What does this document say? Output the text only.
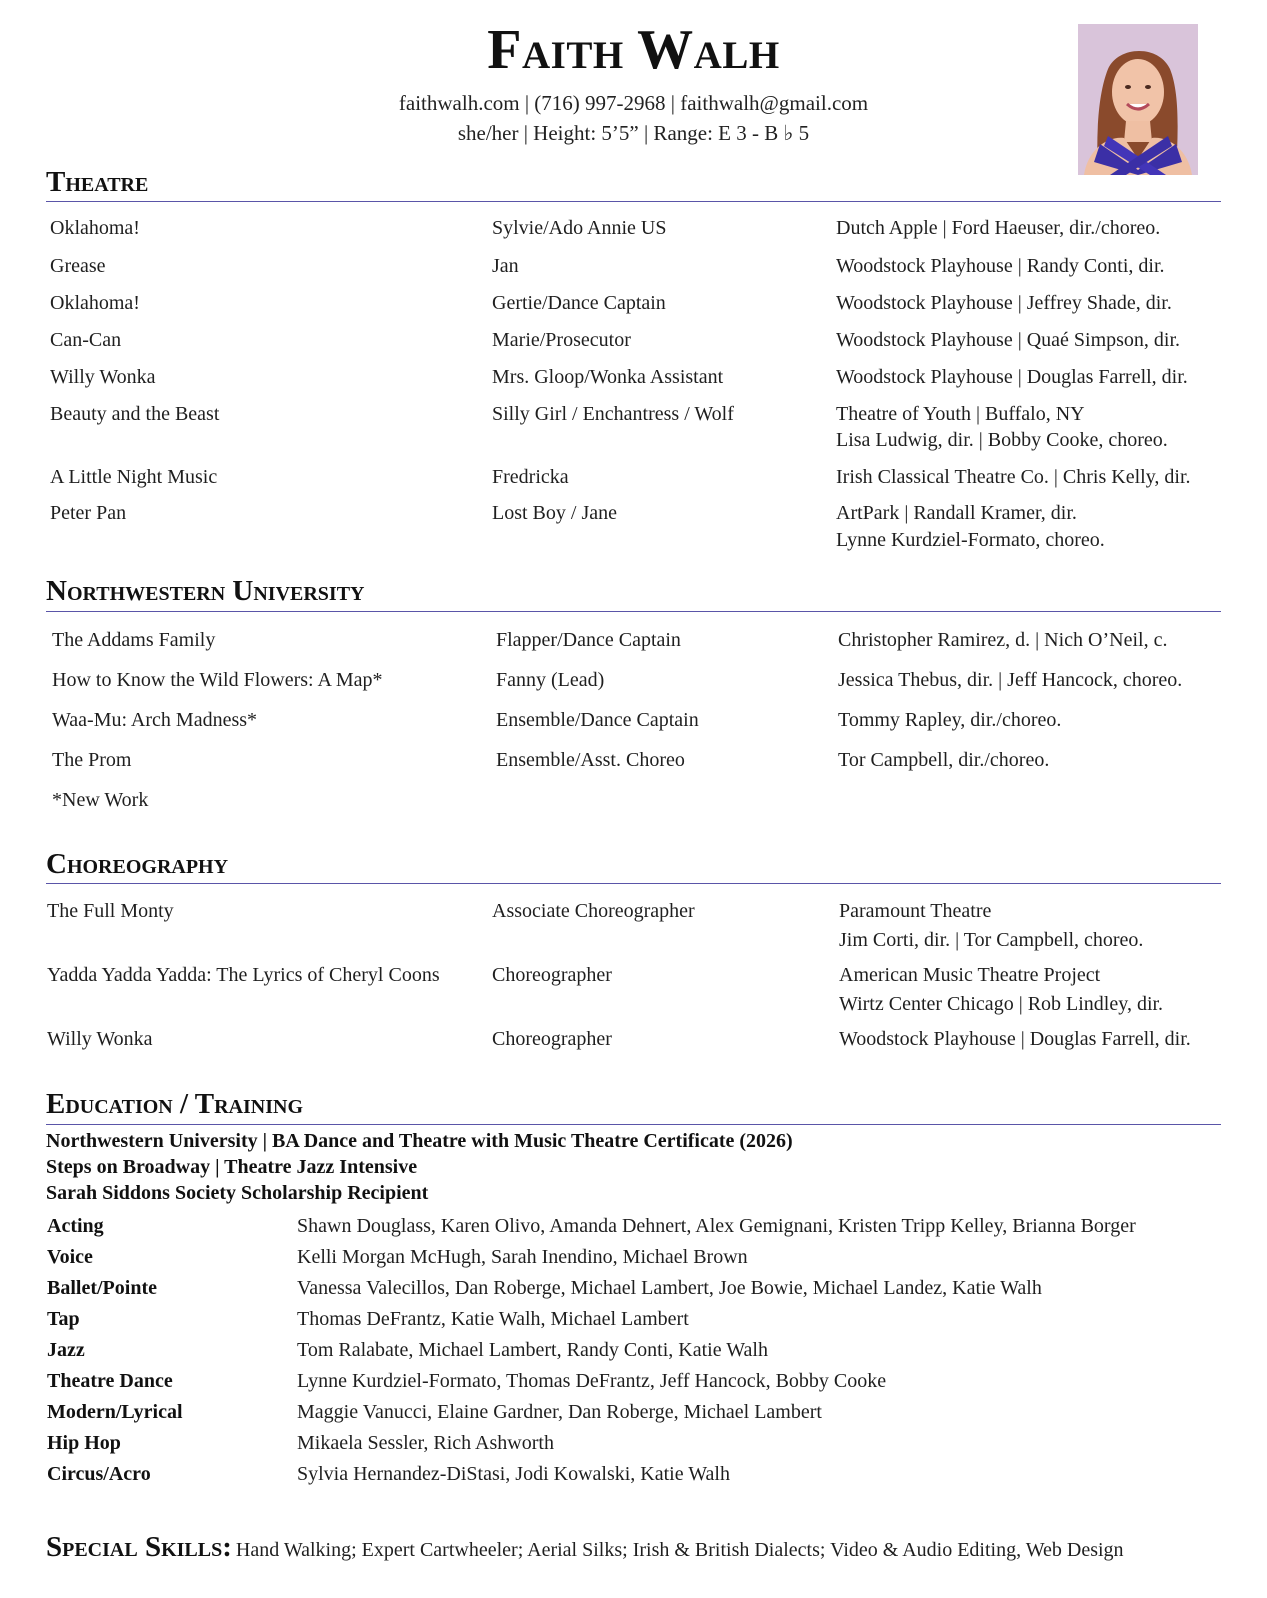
Faith Walh
faithwalh.com | (716) 997-2968 | faithwalh@gmail.com
she/her | Height: 5’5” | Range: E 3 - B ♭ 5
Theatre
Oklahoma!	Sylvie/Ado Annie US	Dutch Apple | Ford Haeuser, dir./choreo.
Grease	Jan	Woodstock Playhouse | Randy Conti, dir.
Oklahoma!	Gertie/Dance Captain	Woodstock Playhouse | Jeffrey Shade, dir.
Can-Can	Marie/Prosecutor	Woodstock Playhouse | Quaé Simpson, dir.
Willy Wonka	Mrs. Gloop/Wonka Assistant	Woodstock Playhouse | Douglas Farrell, dir.
Beauty and the Beast	Silly Girl / Enchantress / Wolf	Theatre of Youth | Buffalo, NY
Lisa Ludwig, dir. | Bobby Cooke, choreo.
A Little Night Music	Fredricka	Irish Classical Theatre Co. | Chris Kelly, dir.
Peter Pan	Lost Boy / Jane	ArtPark | Randall Kramer, dir.
Lynne Kurdziel-Formato, choreo.
Northwestern University
The Addams Family	Flapper/Dance Captain	Christopher Ramirez, d. | Nich O’Neil, c.
How to Know the Wild Flowers: A Map*	Fanny (Lead)	Jessica Thebus, dir. | Jeff Hancock, choreo.
Waa-Mu: Arch Madness*	Ensemble/Dance Captain	Tommy Rapley, dir./choreo.
The Prom	Ensemble/Asst. Choreo	Tor Campbell, dir./choreo.
*New Work
Choreography
The Full Monty	Associate Choreographer	Paramount Theatre
Jim Corti, dir. | Tor Campbell, choreo.
Yadda Yadda Yadda: The Lyrics of Cheryl Coons	Choreographer	American Music Theatre Project
Wirtz Center Chicago | Rob Lindley, dir.
Willy Wonka	Choreographer	Woodstock Playhouse | Douglas Farrell, dir.
Education / Training
Northwestern University | BA Dance and Theatre with Music Theatre Certificate (2026)
Steps on Broadway | Theatre Jazz Intensive
Sarah Siddons Society Scholarship Recipient
Acting	Shawn Douglass, Karen Olivo, Amanda Dehnert, Alex Gemignani, Kristen Tripp Kelley, Brianna Borger
Voice	Kelli Morgan McHugh, Sarah Inendino, Michael Brown
Ballet/Pointe	Vanessa Valecillos, Dan Roberge, Michael Lambert, Joe Bowie, Michael Landez, Katie Walh
Tap	Thomas DeFrantz, Katie Walh, Michael Lambert
Jazz	Tom Ralabate, Michael Lambert, Randy Conti, Katie Walh
Theatre Dance	Lynne Kurdziel-Formato, Thomas DeFrantz, Jeff Hancock, Bobby Cooke
Modern/Lyrical	Maggie Vanucci, Elaine Gardner, Dan Roberge, Michael Lambert
Hip Hop	Mikaela Sessler, Rich Ashworth
Circus/Acro	Sylvia Hernandez-DiStasi, Jodi Kowalski, Katie Walh
Special Skills: Hand Walking; Expert Cartwheeler; Aerial Silks; Irish & British Dialects; Video & Audio Editing, Web Design
